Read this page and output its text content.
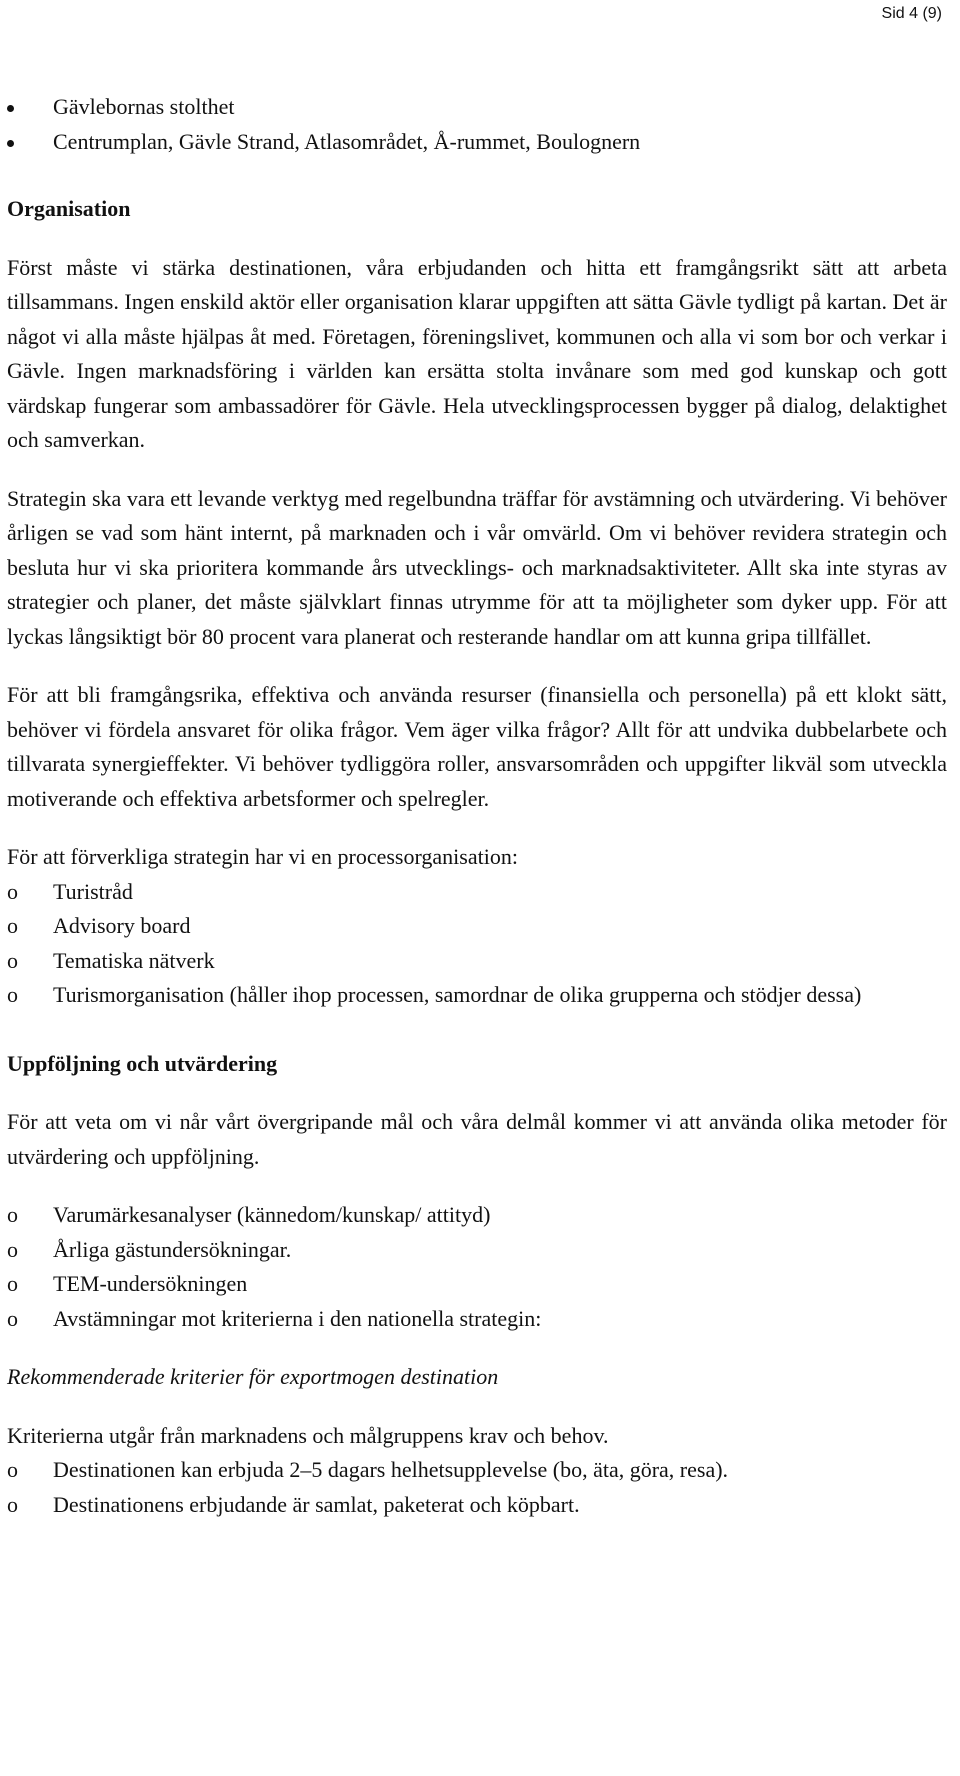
Sid 4 (9)
Gävlebornas stolthet
Centrumplan, Gävle Strand, Atlasområdet, Å-rummet, Boulognern
Organisation

Först måste vi stärka destinationen, våra erbjudanden och hitta ett framgångsrikt sätt att arbeta tillsammans. Ingen enskild aktör eller organisation klarar uppgiften att sätta Gävle tydligt på kartan. Det är något vi alla måste hjälpas åt med. Företagen, föreningslivet, kommunen och alla vi som bor och verkar i Gävle. Ingen marknadsföring i världen kan ersätta stolta invånare som med god kunskap och gott värdskap fungerar som ambassadörer för Gävle. Hela utvecklingsprocessen bygger på dialog, delaktighet och samverkan.

Strategin ska vara ett levande verktyg med regelbundna träffar för avstämning och utvärdering. Vi behöver årligen se vad som hänt internt, på marknaden och i vår omvärld. Om vi behöver revidera strategin och besluta hur vi ska prioritera kommande års utvecklings- och marknadsaktiviteter. Allt ska inte styras av strategier och planer, det måste självklart finnas utrymme för att ta möjligheter som dyker upp. För att lyckas långsiktigt bör 80 procent vara planerat och resterande handlar om att kunna gripa tillfället.

För att bli framgångsrika, effektiva och använda resurser (finansiella och personella) på ett klokt sätt, behöver vi fördela ansvaret för olika frågor. Vem äger vilka frågor? Allt för att undvika dubbelarbete och tillvarata synergieffekter. Vi behöver tydliggöra roller, ansvarsområden och uppgifter likväl som utveckla motiverande och effektiva arbetsformer och spelregler.

För att förverkliga strategin har vi en processorganisation:

o Turistråd
o Advisory board
o Tematiska nätverk
o Turismorganisation (håller ihop processen, samordnar de olika grupperna och stödjer dessa)
Uppföljning och utvärdering

För att veta om vi når vårt övergripande mål och våra delmål kommer vi att använda olika metoder för utvärdering och uppföljning.

o Varumärkesanalyser (kännedom/kunskap/ attityd)
o Årliga gästundersökningar.
o TEM-undersökningen
o Avstämningar mot kriterierna i den nationella strategin:

Rekommenderade kriterier för exportmogen destination

Kriterierna utgår från marknadens och målgruppens krav och behov.

o Destinationen kan erbjuda 2–5 dagars helhetsupplevelse (bo, äta, göra, resa).
o Destinationens erbjudande är samlat, paketerat och köpbart.
